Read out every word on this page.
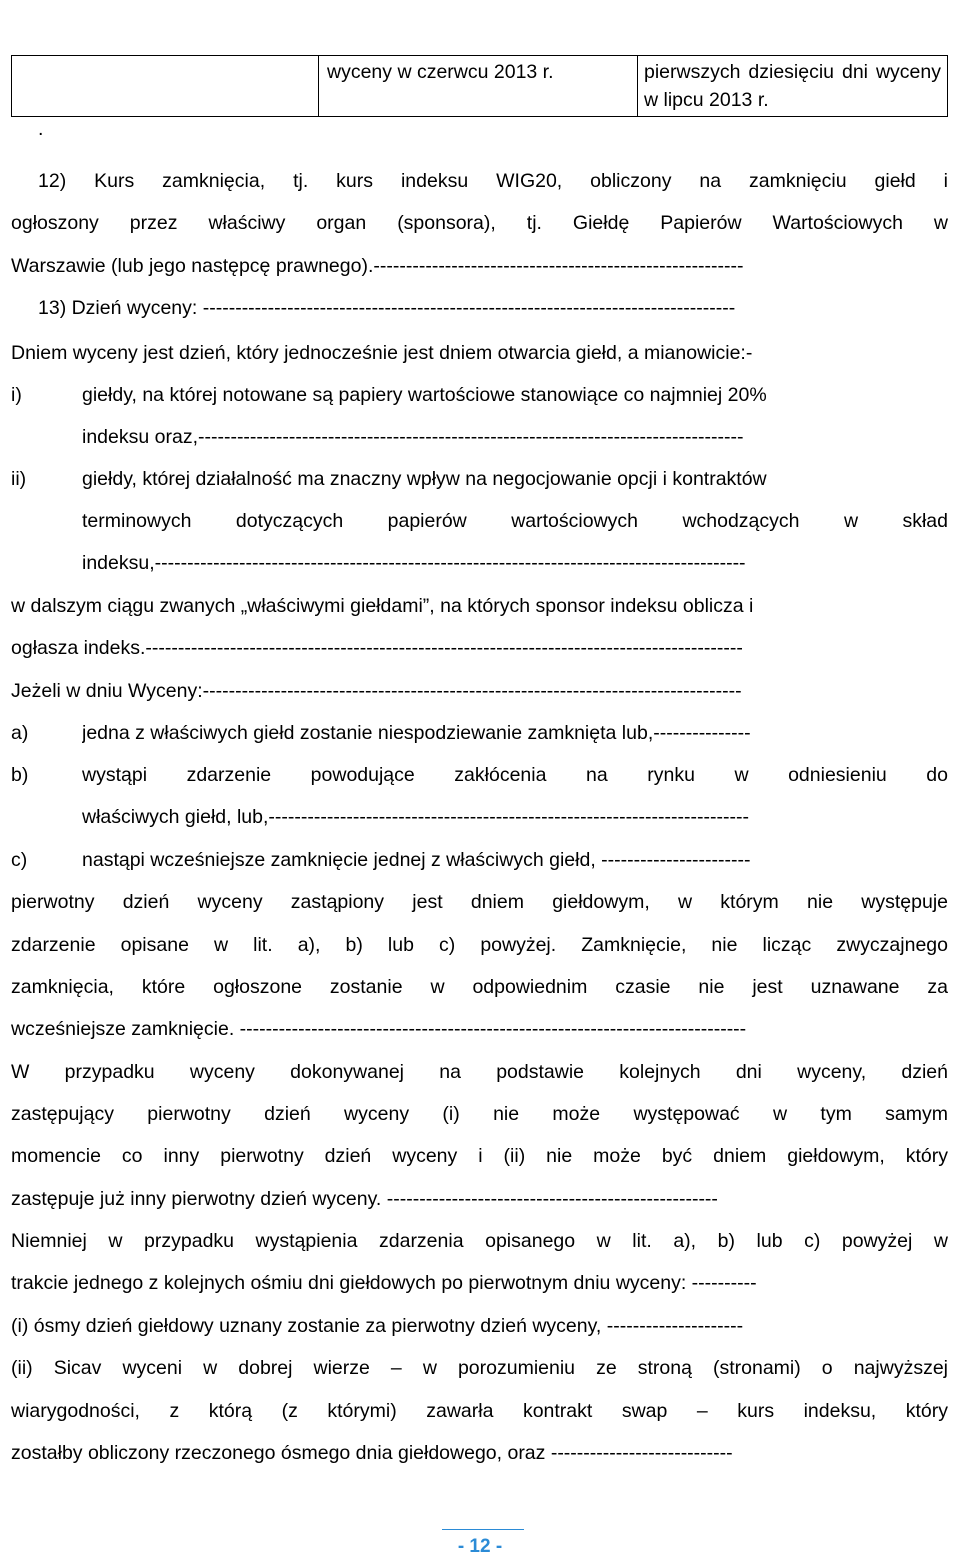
	wyceny w czerwcu 2013 r.	pierwszych dziesięciu dni wyceny w lipcu 2013 r.
.
12) Kurs zamknięcia, tj. kurs indeksu WIG20, obliczony na zamknięciu giełd i
ogłoszony przez właściwy organ (sponsora), tj. Giełdę Papierów Wartościowych w
Warszawie (lub jego następcę prawnego).---------------------------------------------------------
13) Dzień wyceny: ----------------------------------------------------------------------------------
Dniem wyceny jest dzień, który jednocześnie jest dniem otwarcia giełd, a mianowicie:-
i)	giełdy, na której notowane są papiery wartościowe stanowiące co najmniej 20%
indeksu oraz,------------------------------------------------------------------------------------
ii)	giełdy, której działalność ma znaczny wpływ na negocjowanie opcji i kontraktów
terminowych dotyczących papierów wartościowych wchodzących w skład
indeksu,-------------------------------------------------------------------------------------------
w dalszym ciągu zwanych „właściwymi giełdami”, na których sponsor indeksu oblicza i
ogłasza indeks.--------------------------------------------------------------------------------------------
Jeżeli w dniu Wyceny:-----------------------------------------------------------------------------------
a)	jedna z właściwych giełd zostanie niespodziewanie zamknięta lub,---------------
b)	wystąpi zdarzenie powodujące zakłócenia na rynku w odniesieniu do
właściwych giełd, lub,--------------------------------------------------------------------------
c)	nastąpi wcześniejsze zamknięcie jednej z właściwych giełd, -----------------------
pierwotny dzień wyceny zastąpiony jest dniem giełdowym, w którym nie występuje
zdarzenie opisane w lit. a), b) lub c) powyżej. Zamknięcie, nie licząc zwyczajnego
zamknięcia, które ogłoszone zostanie w odpowiednim czasie nie jest uznawane za
wcześniejsze zamknięcie. ------------------------------------------------------------------------------
W przypadku wyceny dokonywanej na podstawie kolejnych dni wyceny, dzień
zastępujący pierwotny dzień wyceny (i) nie może występować w tym samym
momencie co inny pierwotny dzień wyceny i (ii) nie może być dniem giełdowym, który
zastępuje już inny pierwotny dzień wyceny. ---------------------------------------------------
Niemniej w przypadku wystąpienia zdarzenia opisanego w lit. a), b) lub c) powyżej w
trakcie jednego z kolejnych ośmiu dni giełdowych po pierwotnym dniu wyceny: ----------
(i) ósmy dzień giełdowy uznany zostanie za pierwotny dzień wyceny, ---------------------
(ii) Sicav wyceni w dobrej wierze – w porozumieniu ze stroną (stronami) o najwyższej
wiarygodności, z którą (z którymi) zawarła kontrakt swap – kurs indeksu, który
zostałby obliczony rzeczonego ósmego dnia giełdowego, oraz ----------------------------
- 12 -
